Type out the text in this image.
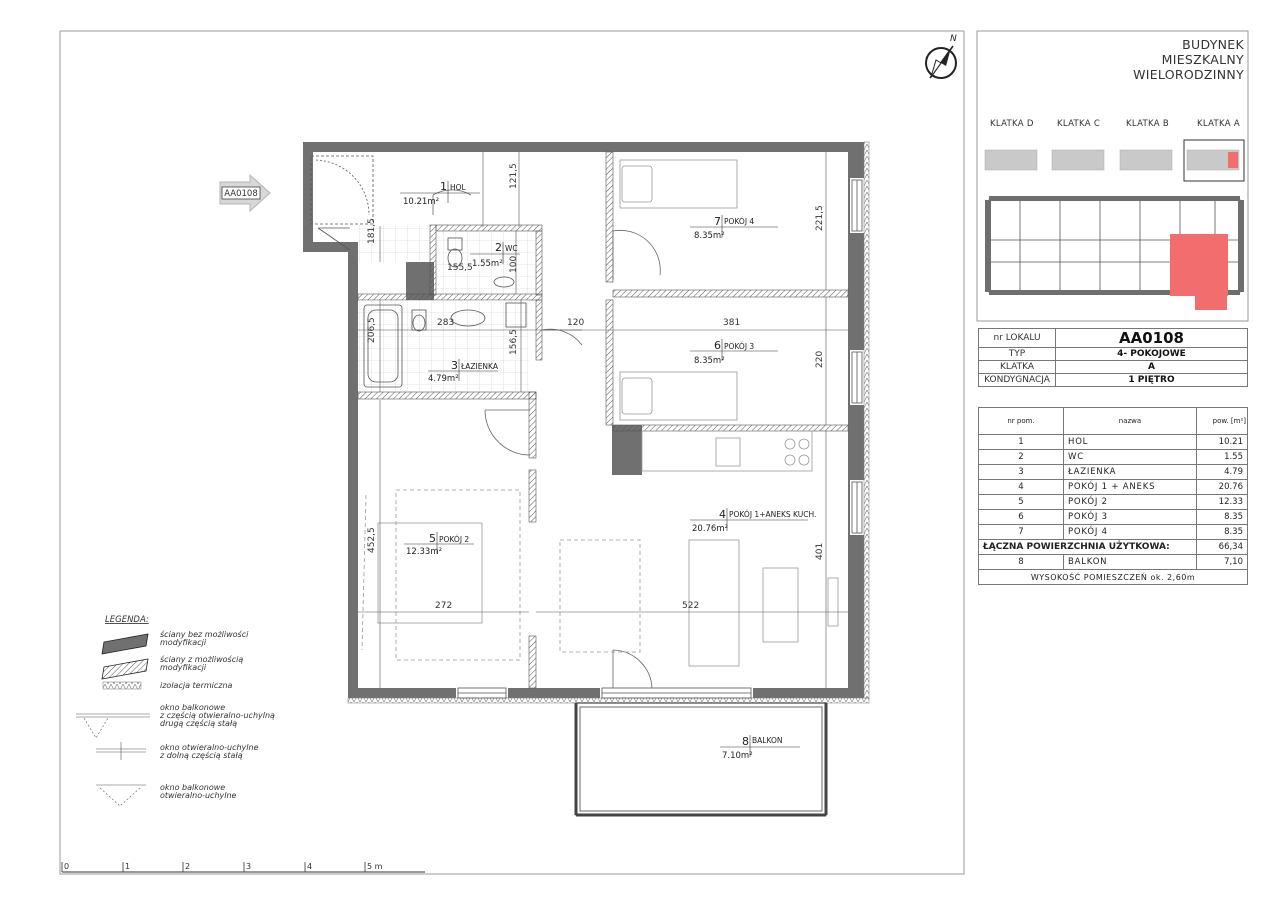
N
AA0108
121,5
181,5
155,5	100
221,5
206,5	283
156,5
120	381
220
452,5
272	522
401
1 HOL
10.21m²
2 WC
1.55m²
3 ŁAZIENKA
4.79m²
4 POKÓJ 1+ANEKS KUCH.
20.76m²
5 POKÓJ 2
12.33m²
6 POKÓJ 3
8.35m²
7 POKÓJ 4
8.35m²
8 BALKON
7.10m²
LEGENDA:
ściany bez możliwości
modyfikacji
ściany z możliwością
modyfikacji
izolacja termiczna
okno balkonowe
z częścią otwieralno-uchylną
drugą częścią stałą
okno otwieralno-uchylne
z dolną częścią stałą
okno balkonowe
otwieralno-uchylne
0	1	2	3	4	5 m
BUDYNEK
MIESZKALNY
WIELORODZINNY
KLATKA D	KLATKA C	KLATKA B	KLATKA A
nr LOKALU	AA0108
TYP	4- POKOJOWE
KLATKA	A
KONDYGNACJA	1 PIĘTRO
nr pom.	nazwa	pow. [m²]
1	HOL	10.21
2	WC	1.55
3	ŁAZIENKA	4.79
4	POKÓJ 1 + ANEKS	20.76
5	POKÓJ 2	12.33
6	POKÓJ 3	8.35
7	POKÓJ 4	8.35
ŁĄCZNA POWIERZCHNIA UŻYTKOWA:		66,34
8	BALKON	7,10
WYSOKOŚĆ POMIESZCZEŃ ok. 2,60m		
